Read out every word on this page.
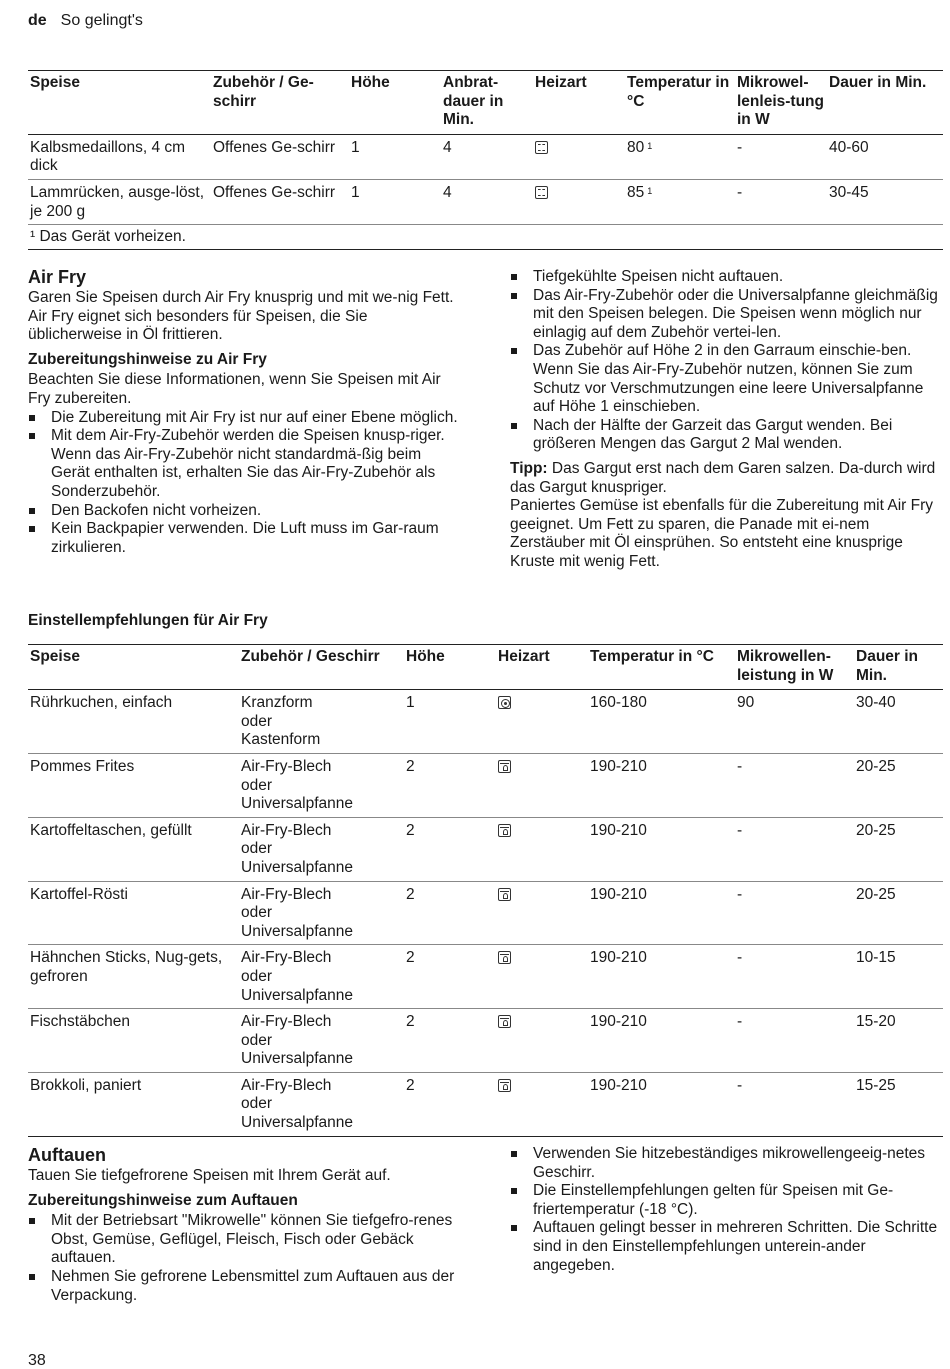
de So gelingt's
Speise	Zubehör / Ge-schirr	Höhe	Anbrat-dauer in Min.	Heizart	Temperatur in °C	Mikrowel-lenleis-tung in W	Dauer in Min.
Kalbsmedaillons, 4 cm dick	Offenes Ge-schirr	1	4		80 $^1$	-	40-60
Lammrücken, ausge-löst, je 200 g	Offenes Ge-schirr	1	4		85 $^1$	-	30-45
¹ Das Gerät vorheizen.							
Air Fry

Garen Sie Speisen durch Air Fry knusprig und mit we-nig Fett. Air Fry eignet sich besonders für Speisen, die Sie üblicherweise in Öl frittieren.

Zubereitungshinweise zu Air Fry

Beachten Sie diese Informationen, wenn Sie Speisen mit Air Fry zubereiten.

Die Zubereitung mit Air Fry ist nur auf einer Ebene möglich.
Mit dem Air-Fry-Zubehör werden die Speisen knusp-riger. Wenn das Air-Fry-Zubehör nicht standardmä-ßig beim Gerät enthalten ist, erhalten Sie das Air-Fry-Zubehör als Sonderzubehör.
Den Backofen nicht vorheizen.
Kein Backpapier verwenden. Die Luft muss im Gar-raum zirkulieren.
Tiefgekühlte Speisen nicht auftauen.
Das Air-Fry-Zubehör oder die Universalpfanne gleichmäßig mit den Speisen belegen. Die Speisen wenn möglich nur einlagig auf dem Zubehör vertei-len.
Das Zubehör auf Höhe 2 in den Garraum einschie-ben. Wenn Sie das Air-Fry-Zubehör nutzen, können Sie zum Schutz vor Verschmutzungen eine leere Universalpfanne auf Höhe 1 einschieben.
Nach der Hälfte der Garzeit das Gargut wenden. Bei größeren Mengen das Gargut 2 Mal wenden.

Tipp: Das Gargut erst nach dem Garen salzen. Da-durch wird das Gargut knuspriger.

Paniertes Gemüse ist ebenfalls für die Zubereitung mit Air Fry geeignet. Um Fett zu sparen, die Panade mit ei-nem Zerstäuber mit Öl einsprühen. So entsteht eine knusprige Kruste mit wenig Fett.

Einstellempfehlungen für Air Fry
Speise	Zubehör / Geschirr	Höhe	Heizart	Temperatur in °C	Mikrowellen-leistung in W	Dauer in Min.
Rührkuchen, einfach	Kranzform
oder
Kastenform	1		160-180	90	30-40
Pommes Frites	Air-Fry-Blech
oder
Universalpfanne	2		190-210	-	20-25
Kartoffeltaschen, gefüllt	Air-Fry-Blech
oder
Universalpfanne	2		190-210	-	20-25
Kartoffel-Rösti	Air-Fry-Blech
oder
Universalpfanne	2		190-210	-	20-25
Hähnchen Sticks, Nug-gets, gefroren	Air-Fry-Blech
oder
Universalpfanne	2		190-210	-	10-15
Fischstäbchen	Air-Fry-Blech
oder
Universalpfanne	2		190-210	-	15-20
Brokkoli, paniert	Air-Fry-Blech
oder
Universalpfanne	2		190-210	-	15-25
Auftauen

Tauen Sie tiefgefrorene Speisen mit Ihrem Gerät auf.

Zubereitungshinweise zum Auftauen
Mit der Betriebsart "Mikrowelle" können Sie tiefgefro-renes Obst, Gemüse, Geflügel, Fleisch, Fisch oder Gebäck auftauen.
Nehmen Sie gefrorene Lebensmittel zum Auftauen aus der Verpackung.
Verwenden Sie hitzebeständiges mikrowellengeeig-netes Geschirr.
Die Einstellempfehlungen gelten für Speisen mit Ge-friertemperatur (-18 °C).
Auftauen gelingt besser in mehreren Schritten. Die Schritte sind in den Einstellempfehlungen unterein-ander angegeben.
38
